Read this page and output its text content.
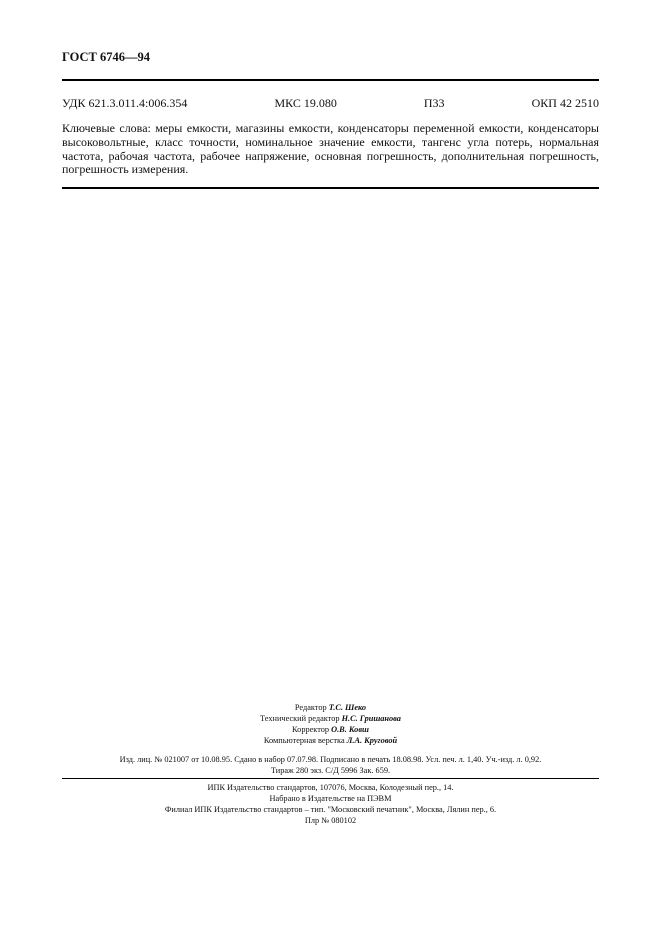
ГОСТ 6746—94
УДК 621.3.011.4:006.354	МКС 19.080	П33	ОКП 42 2510
Ключевые слова: меры емкости, магазины емкости, конденсаторы переменной емкости, конденсаторы высоковольтные, класс точности, номинальное значение емкости, тангенс угла потерь, нормальная частота, рабочая частота, рабочее напряжение, основная погрешность, дополнительная погрешность, погрешность измерения.
Редактор Т.С. Шеко
Технический редактор Н.С. Гришанова
Корректор О.В. Ковш
Компьютерная верстка Л.А. Круговой
Изд. лиц. № 021007 от 10.08.95. Сдано в набор 07.07.98. Подписано в печать 18.08.98. Усл. печ. л. 1,40. Уч.-изд. л. 0,92.
Тираж 280 экз. С/Д 5996 Зак. 659.
ИПК Издательство стандартов, 107076, Москва, Колодезный пер., 14.
Набрано в Издательстве на ПЭВМ
Филиал ИПК Издательство стандартов – тип. "Московский печатник", Москва, Лялин пер., 6.
Плр № 080102
